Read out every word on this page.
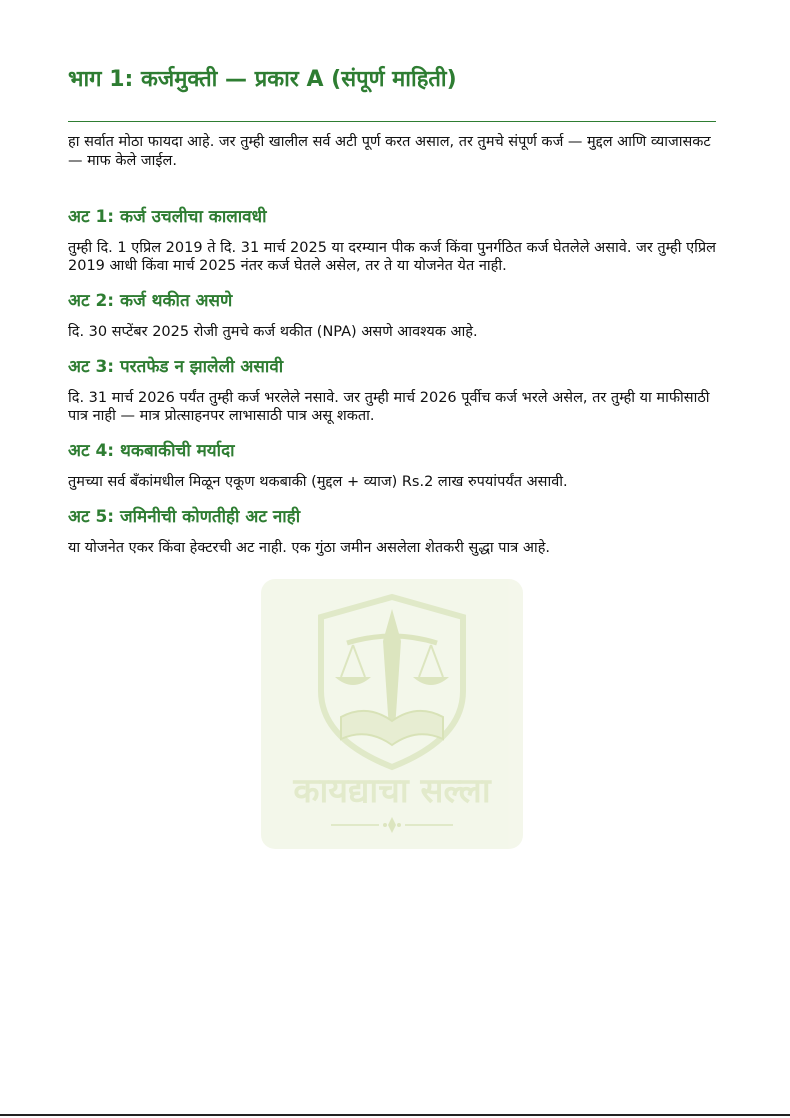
भाग 1: कर्जमुक्ती — प्रकार A (संपूर्ण माहिती)

हा सर्वात मोठा फायदा आहे. जर तुम्ही खालील सर्व अटी पूर्ण करत असाल, तर तुमचे संपूर्ण कर्ज — मुद्दल आणि व्याजासकट — माफ केले जाईल.

अट 1: कर्ज उचलीचा कालावधी

तुम्ही दि. 1 एप्रिल 2019 ते दि. 31 मार्च 2025 या दरम्यान पीक कर्ज किंवा पुनर्गठित कर्ज घेतलेले असावे. जर तुम्ही एप्रिल 2019 आधी किंवा मार्च 2025 नंतर कर्ज घेतले असेल, तर ते या योजनेत येत नाही.

अट 2: कर्ज थकीत असणे

दि. 30 सप्टेंबर 2025 रोजी तुमचे कर्ज थकीत (NPA) असणे आवश्यक आहे.

अट 3: परतफेड न झालेली असावी

दि. 31 मार्च 2026 पर्यंत तुम्ही कर्ज भरलेले नसावे. जर तुम्ही मार्च 2026 पूर्वीच कर्ज भरले असेल, तर तुम्ही या माफीसाठी पात्र नाही — मात्र प्रोत्साहनपर लाभासाठी पात्र असू शकता.

अट 4: थकबाकीची मर्यादा

तुमच्या सर्व बँकांमधील मिळून एकूण थकबाकी (मुद्दल + व्याज) Rs.2 लाख रुपयांपर्यंत असावी.

अट 5: जमिनीची कोणतीही अट नाही

या योजनेत एकर किंवा हेक्टरची अट नाही. एक गुंठा जमीन असलेला शेतकरी सुद्धा पात्र आहे.

कायद्याचा सल्ला
